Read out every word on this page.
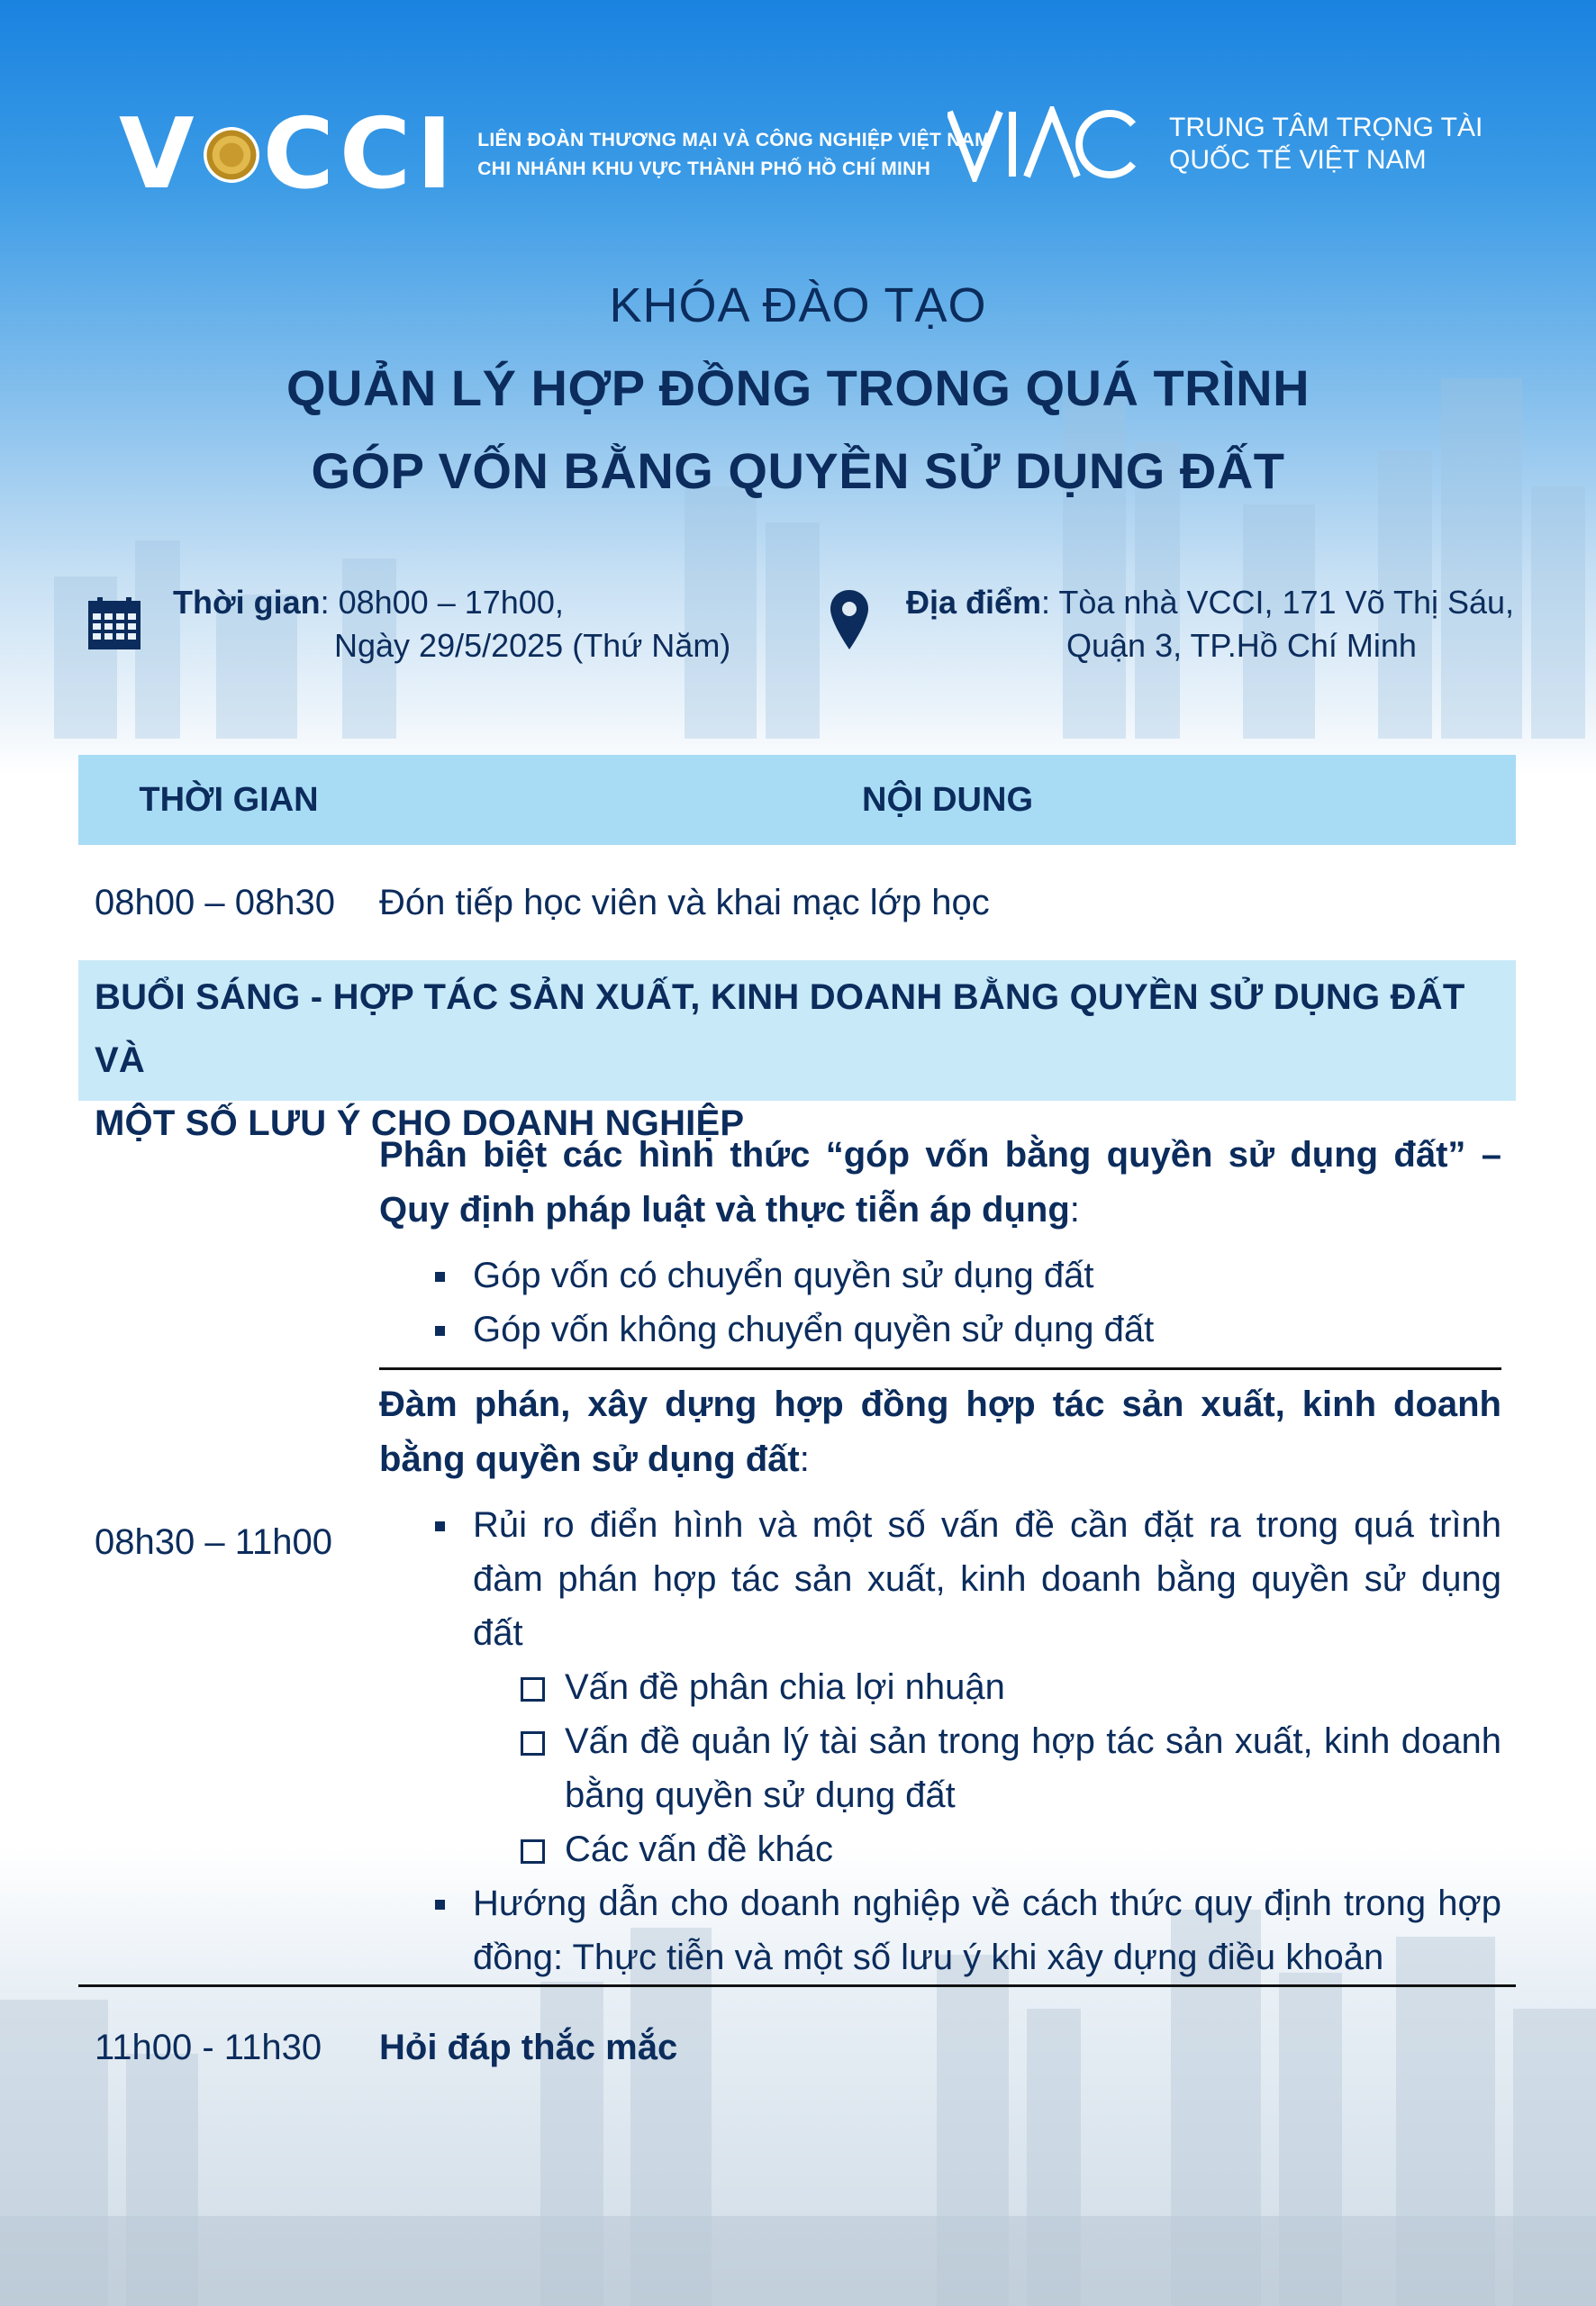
V CCI LIÊN ĐOÀN THƯƠNG MẠI VÀ CÔNG NGHIỆP VIỆT NAM
CHI NHÁNH KHU VỰC THÀNH PHỐ HỒ CHÍ MINH
TRUNG TÂM TRỌNG TÀI
QUỐC TẾ VIỆT NAM
KHÓA ĐÀO TẠO
QUẢN LÝ HỢP ĐỒNG TRONG QUÁ TRÌNH
GÓP VỐN BẰNG QUYỀN SỬ DỤNG ĐẤT
Thời gian: 08h00 – 17h00,
Ngày 29/5/2025 (Thứ Năm)
Địa điểm: Tòa nhà VCCI, 171 Võ Thị Sáu,
Quận 3, TP.Hồ Chí Minh
THỜI GIAN	NỘI DUNG
08h00 – 08h30	Đón tiếp học viên và khai mạc lớp học
BUỔI SÁNG - HỢP TÁC SẢN XUẤT, KINH DOANH BẰNG QUYỀN SỬ DỤNG ĐẤT VÀ
MỘT SỐ LƯU Ý CHO DOANH NGHIỆP
08h30 – 11h00
Phân biệt các hình thức “góp vốn bằng quyền sử dụng đất” – Quy định pháp luật và thực tiễn áp dụng:
Góp vốn có chuyển quyền sử dụng đất
Góp vốn không chuyển quyền sử dụng đất
Đàm phán, xây dựng hợp đồng hợp tác sản xuất, kinh doanh bằng quyền sử dụng đất:
Rủi ro điển hình và một số vấn đề cần đặt ra trong quá trình đàm phán hợp tác sản xuất, kinh doanh bằng quyền sử dụng đất
Vấn đề phân chia lợi nhuận
Vấn đề quản lý tài sản trong hợp tác sản xuất, kinh doanh bằng quyền sử dụng đất
Các vấn đề khác
Hướng dẫn cho doanh nghiệp về cách thức quy định trong hợp đồng: Thực tiễn và một số lưu ý khi xây dựng điều khoản
11h00 - 11h30	Hỏi đáp thắc mắc
